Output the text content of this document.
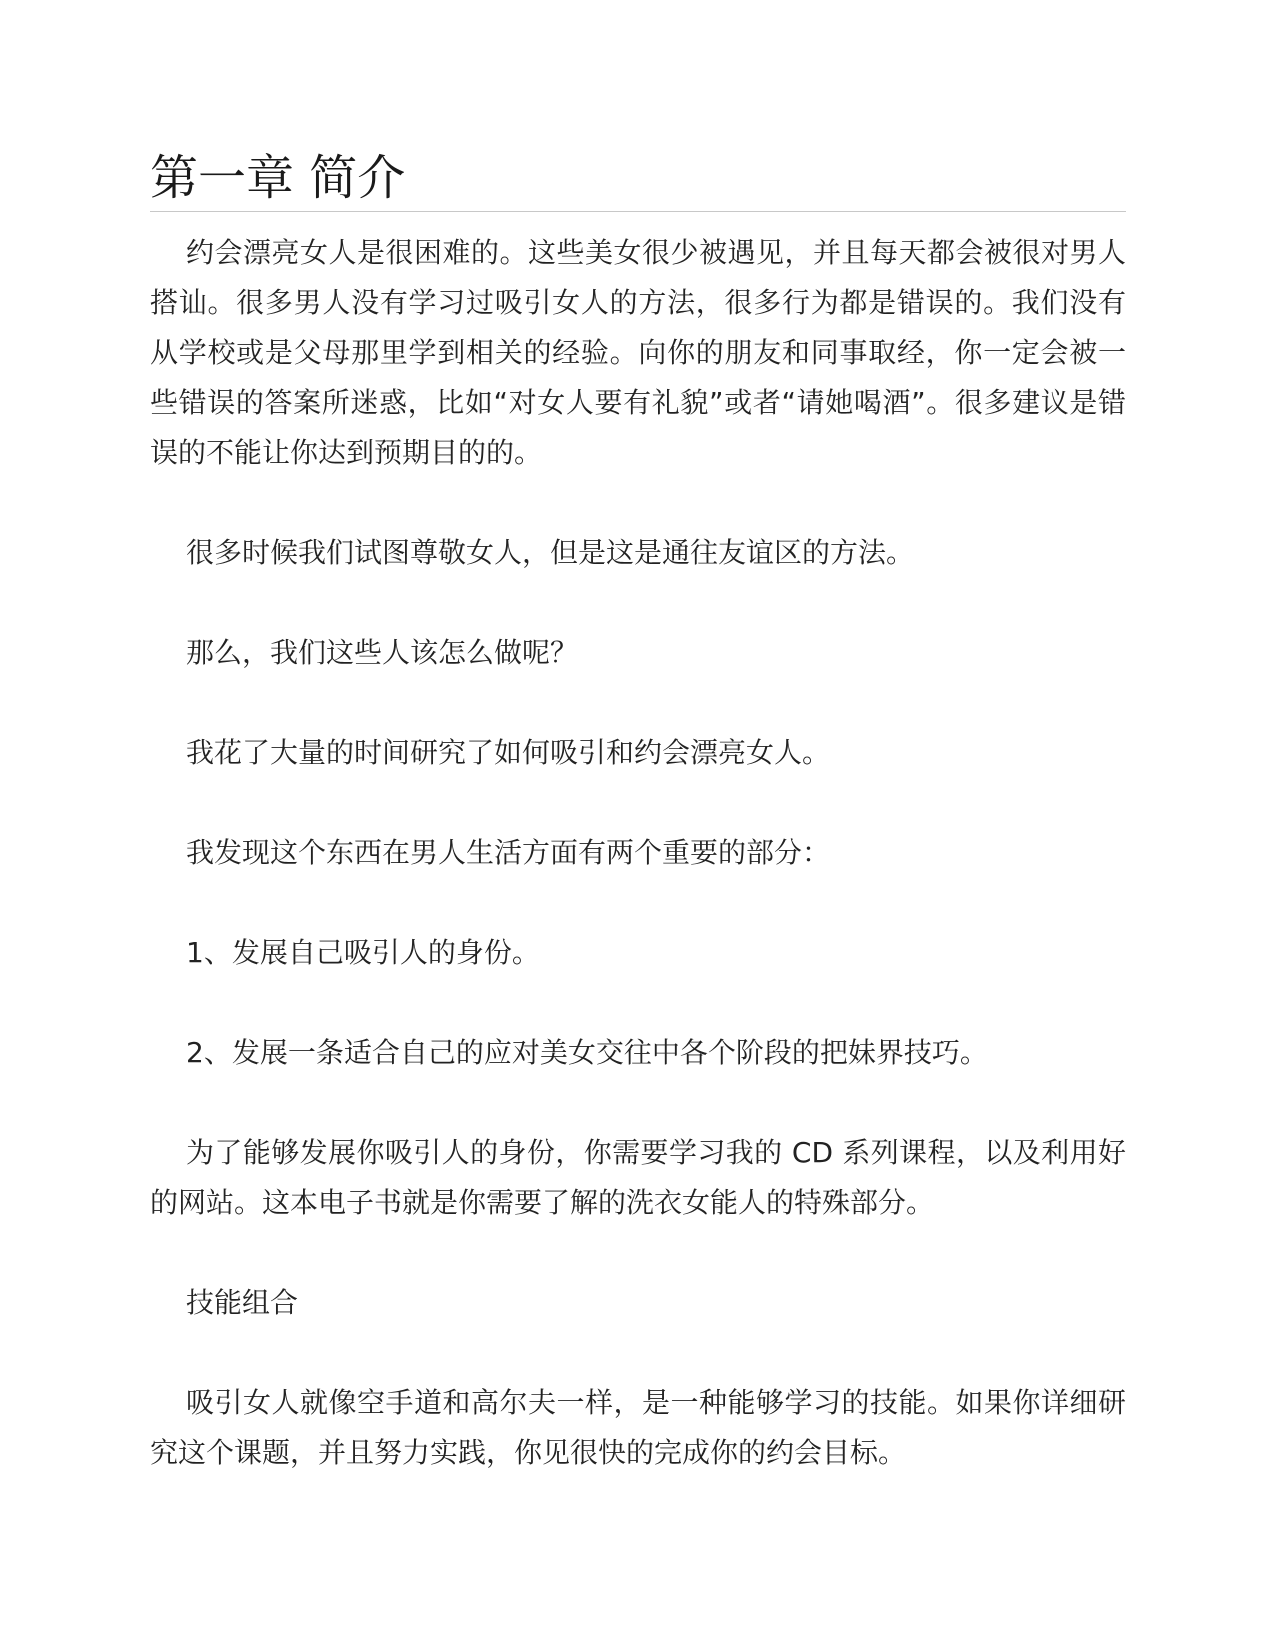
第一章 简介

约会漂亮女人是很困难的。这些美女很少被遇见，并且每天都会被很对男人搭讪。很多男人没有学习过吸引女人的方法，很多行为都是错误的。我们没有从学校或是父母那里学到相关的经验。向你的朋友和同事取经，你一定会被一些错误的答案所迷惑，比如“对女人要有礼貌”或者“请她喝酒”。很多建议是错误的不能让你达到预期目的的。

很多时候我们试图尊敬女人，但是这是通往友谊区的方法。

那么，我们这些人该怎么做呢？

我花了大量的时间研究了如何吸引和约会漂亮女人。

我发现这个东西在男人生活方面有两个重要的部分：

1、发展自己吸引人的身份。

2、发展一条适合自己的应对美女交往中各个阶段的把妹界技巧。

为了能够发展你吸引人的身份，你需要学习我的 CD 系列课程，以及利用好的网站。这本电子书就是你需要了解的洗衣女能人的特殊部分。

技能组合

吸引女人就像空手道和高尔夫一样，是一种能够学习的技能。如果你详细研究这个课题，并且努力实践，你见很快的完成你的约会目标。
